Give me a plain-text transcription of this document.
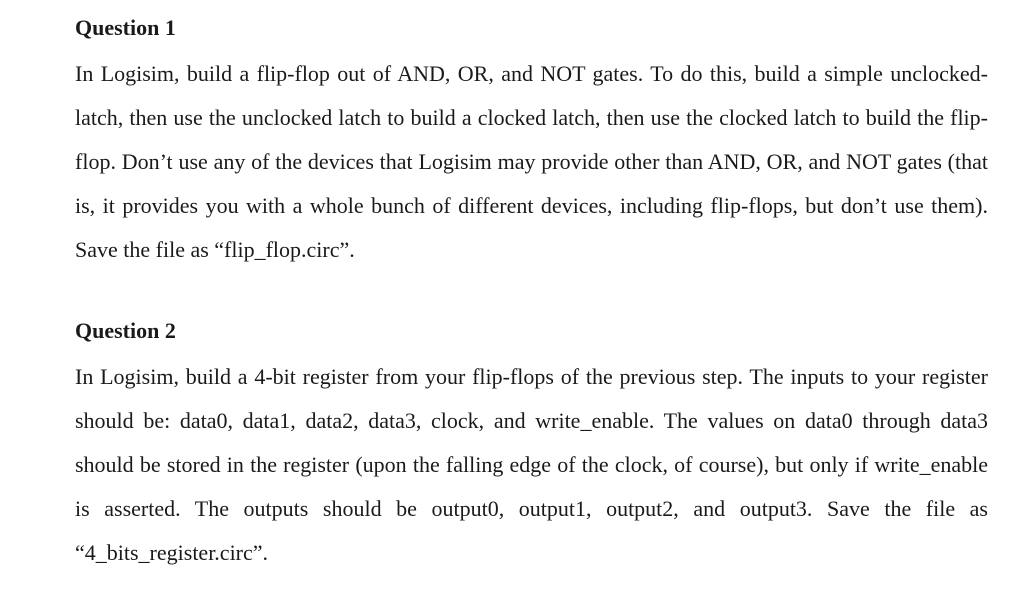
Question 1

In Logisim, build a flip-flop out of AND, OR, and NOT gates. To do this, build a simple unclocked-latch, then use the unclocked latch to build a clocked latch, then use the clocked latch to build the flip-flop. Don’t use any of the devices that Logisim may provide other than AND, OR, and NOT gates (that is, it provides you with a whole bunch of different devices, including flip-flops, but don’t use them). Save the file as “flip_flop.circ”.

Question 2

In Logisim, build a 4-bit register from your flip-flops of the previous step. The inputs to your register should be: data0, data1, data2, data3, clock, and write_enable. The values on data0 through data3 should be stored in the register (upon the falling edge of the clock, of course), but only if write_enable is asserted. The outputs should be output0, output1, output2, and output3. Save the file as “4_bits_register.circ”.
